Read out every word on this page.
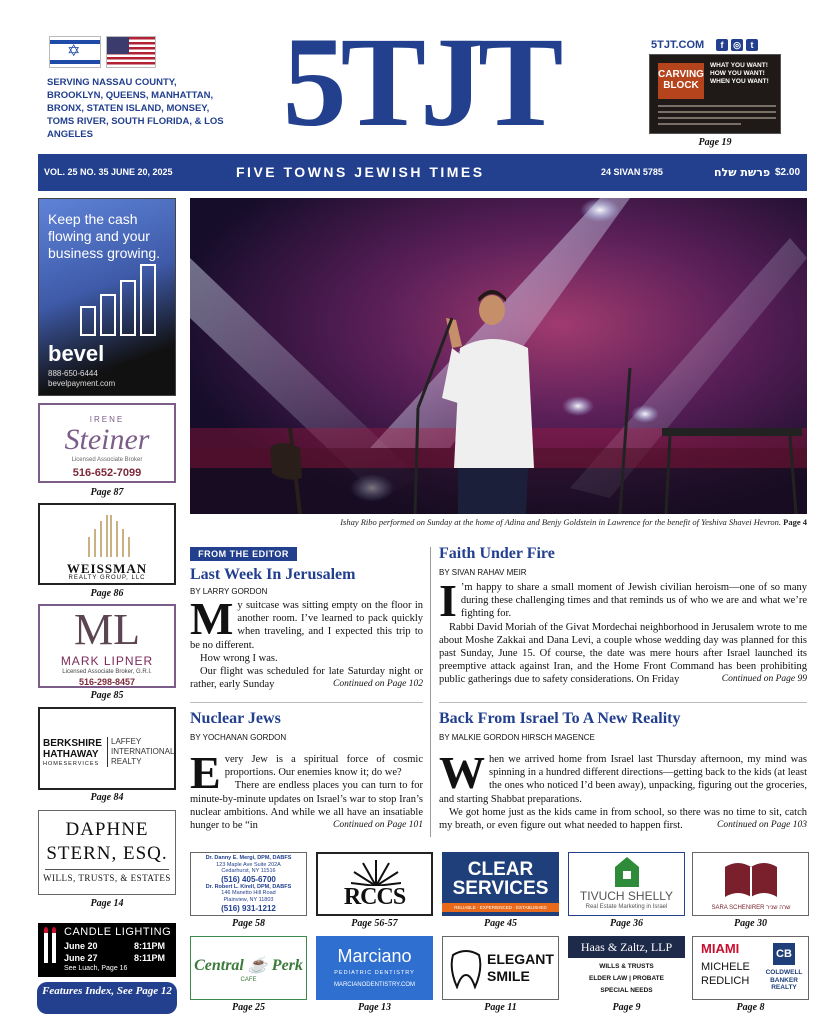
✡
SERVING NASSAU COUNTY, BROOKLYN, QUEENS, MANHATTAN, BRONX, STATEN ISLAND, MONSEY, TOMS RIVER, SOUTH FLORIDA, & LOS ANGELES	5TJT	5TJT.COM	f	◎	t
CARVING BLOCK
WHAT YOU WANT! HOW YOU WANT! WHEN YOU WANT!
Page 19
VOL. 25 NO. 35 JUNE 20, 2025	FIVE TOWNS JEWISH TIMES	24 SIVAN 5785	פרשת שלח $2.00
Keep the cash flowing and your business growing.
bevel
888-650-6444
bevelpayment.com
IRENE
Steiner
Licensed Associate Broker
516-652-7099
Page 87
WEISSMAN
REALTY GROUP, LLC
Page 86
ML
MARK LIPNER
Licensed Associate Broker, G.R.I.
516-298-8457
Page 85
BERKSHIRE
HATHAWAY
HOMESERVICES
LAFFEY
INTERNATIONAL
REALTY
Page 84
DAPHNE
STERN, ESQ.
WILLS, TRUSTS, & ESTATES
Page 14
CANDLE LIGHTING
June 20	8:11PM
June 27	8:11PM
See Luach, Page 16
Features Index, See Page 12
Ishay Ribo performed on Sunday at the home of Adina and Benjy Goldstein in Lawrence for the benefit of Yeshiva Shavei Hevron. Page 4
FROM THE EDITOR
Last Week In Jerusalem
BY LARRY GORDON
M y suitcase was sitting empty on the floor in another room. I’ve learned to pack quickly when traveling, and I expected this trip to be no different.

How wrong I was.

Our flight was scheduled for late Saturday night or rather, early Sunday	Continued on Page 102

Faith Under Fire
BY SIVAN RAHAV MEIR
I ’m happy to share a small moment of Jewish civilian heroism—one of so many during these challenging times and that reminds us of who we are and what we’re fighting for.

Rabbi David Moriah of the Givat Mordechai neighborhood in Jerusalem wrote to me about Moshe Zakkai and Dana Levi, a couple whose wedding day was planned for this past Sunday, June 15. Of course, the date was mere hours after Israel launched its preemptive attack against Iran, and the Home Front Command has been prohibiting public gatherings due to safety considerations. On Friday	Continued on Page 99

Nuclear Jews
BY YOCHANAN GORDON
E very Jew is a spiritual force of cosmic proportions. Our enemies know it; do we?

There are endless places you can turn to for minute-by-minute updates on Israel’s war to stop Iran’s nuclear ambitions. And while we all have an insatiable hunger to be “in	Continued on Page 101

Back From Israel To A New Reality
BY MALKIE GORDON HIRSCH MAGENCE
W hen we arrived home from Israel last Thursday afternoon, my mind was spinning in a hundred different directions—getting back to the kids (at least the ones who noticed I’d been away), unpacking, figuring out the groceries, and starting Shabbat preparations.

We got home just as the kids came in from school, so there was no time to sit, catch my breath, or even figure out what needed to happen first.	Continued on Page 103

Dr. Danny E. Mergi, DPM, DABFS
123 Maple Ave Suite 202A
Cedarhurst, NY 11516
(516) 405-6700
Dr. Robert L. Kirell, DPM, DABFS
146 Manetto Hill Road
Plainview, NY 11803
(516) 931-1212
Page 58
RCCS
Page 56-57
CLEAR
SERVICES
RELIABLE · EXPERIENCED · ESTABLISHED
Page 45
TIVUCH SHELLY
Real Estate Marketing in Israel
Page 36
SARA SCHENIRER שרה שניר
Page 30
Central ☕ Perk
CAFE
Page 25
Marciano
PEDIATRIC DENTISTRY
MARCIANODENTISTRY.COM
Page 13
ELEGANT
SMILE
Page 11
Haas & Zaltz, LLP
WILLS & TRUSTS
ELDER LAW | PROBATE
SPECIAL NEEDS
Page 9
MIAMI
MICHELE
REDLICH
CB
COLDWELL
BANKER
REALTY
Page 8
